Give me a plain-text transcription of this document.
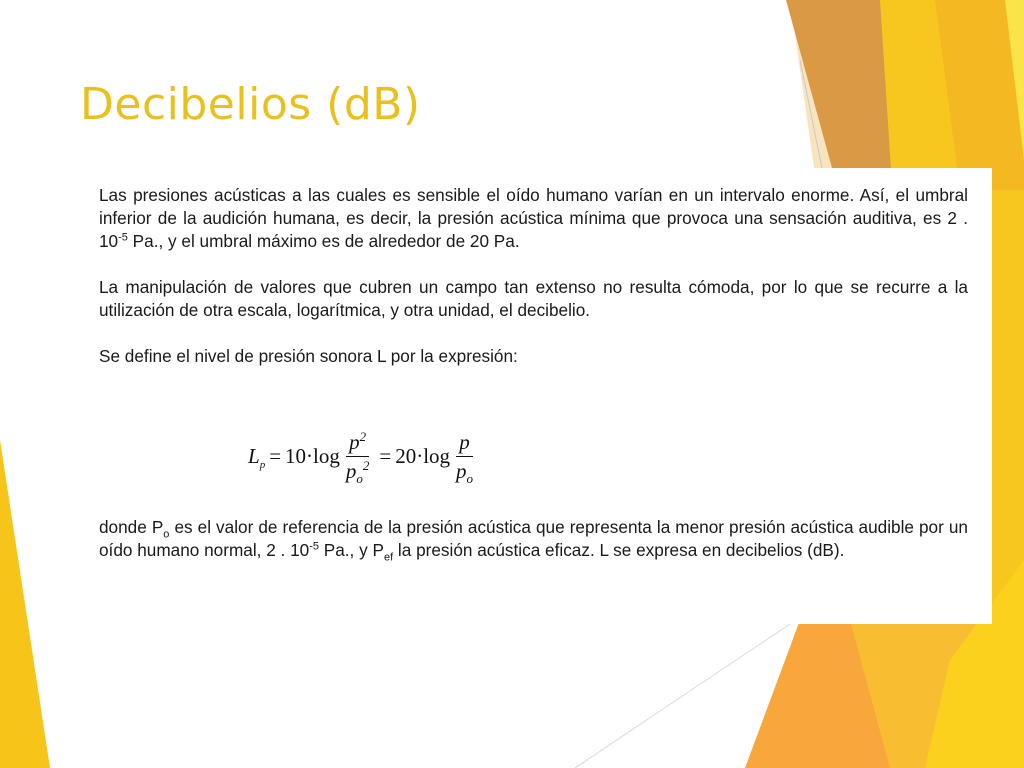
Decibelios (dB)

Las presiones acústicas a las cuales es sensible el oído humano varían en un intervalo enorme. Así, el umbral inferior de la audición humana, es decir, la presión acústica mínima que provoca una sensación auditiva, es 2 . $10^{-5}$ Pa., y el umbral máximo es de alrededor de 20 Pa.

La manipulación de valores que cubren un campo tan extenso no resulta cómoda, por lo que se recurre a la utilización de otra escala, logarítmica, y otra unidad, el decibelio.

Se define el nivel de presión sonora L por la expresión:

$L_p = 10\cdot\log \frac{p^2}{p_o^2} = 20\cdot\log \frac{p}{p_o}$

donde $P_o$ es el valor de referencia de la presión acústica que representa la menor presión acústica audible por un oído humano normal, 2 . $10^{-5}$ Pa., y $P_{ef}$ la presión acústica eficaz. L se expresa en decibelios (dB).
